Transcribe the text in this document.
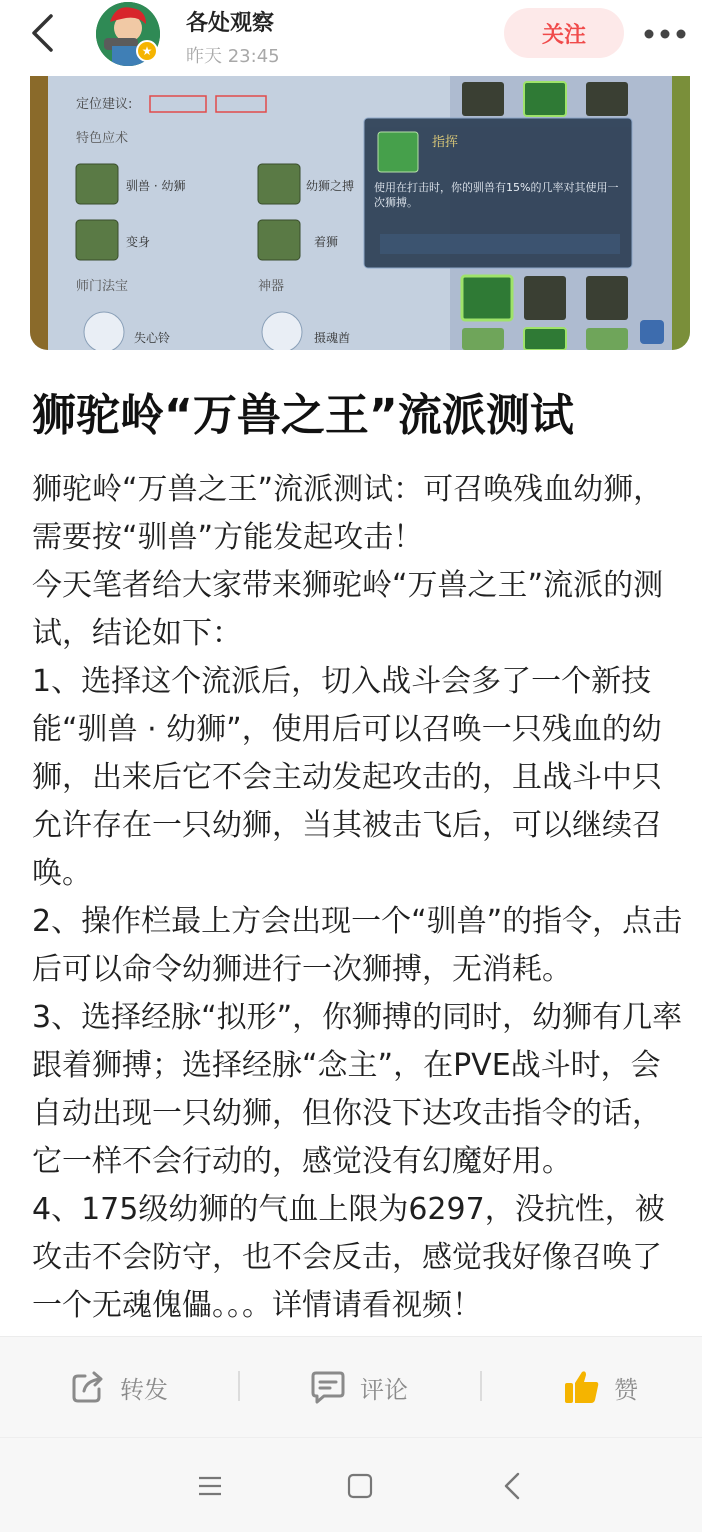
★
各处观察
昨天 23:45
关注
定位建议:
特色应术
驯兽 · 幼狮	幼狮之搏
变身	着狮
师门法宝	神器
失心铃	摄魂酋
指挥
使用在打击时，你的驯兽有15%的几率对其使用一次狮搏。
狮驼岭“万兽之王”流派测试

狮驼岭“万兽之王”流派测试：可召唤残血幼狮，需要按“驯兽”方能发起攻击！

今天笔者给大家带来狮驼岭“万兽之王”流派的测试，结论如下：

1、选择这个流派后，切入战斗会多了一个新技能“驯兽 · 幼狮”，使用后可以召唤一只残血的幼狮，出来后它不会主动发起攻击的，且战斗中只允许存在一只幼狮，当其被击飞后，可以继续召唤。

2、操作栏最上方会出现一个“驯兽”的指令，点击后可以命令幼狮进行一次狮搏，无消耗。

3、选择经脉“拟形”，你狮搏的同时，幼狮有几率跟着狮搏；选择经脉“念主”，在PVE战斗时，会自动出现一只幼狮，但你没下达攻击指令的话，它一样不会行动的，感觉没有幻魔好用。

4、175级幼狮的气血上限为6297，没抗性，被攻击不会防守，也不会反击，感觉我好像召唤了一个无魂傀儡。。。详情请看视频！

转发	评论	赞
